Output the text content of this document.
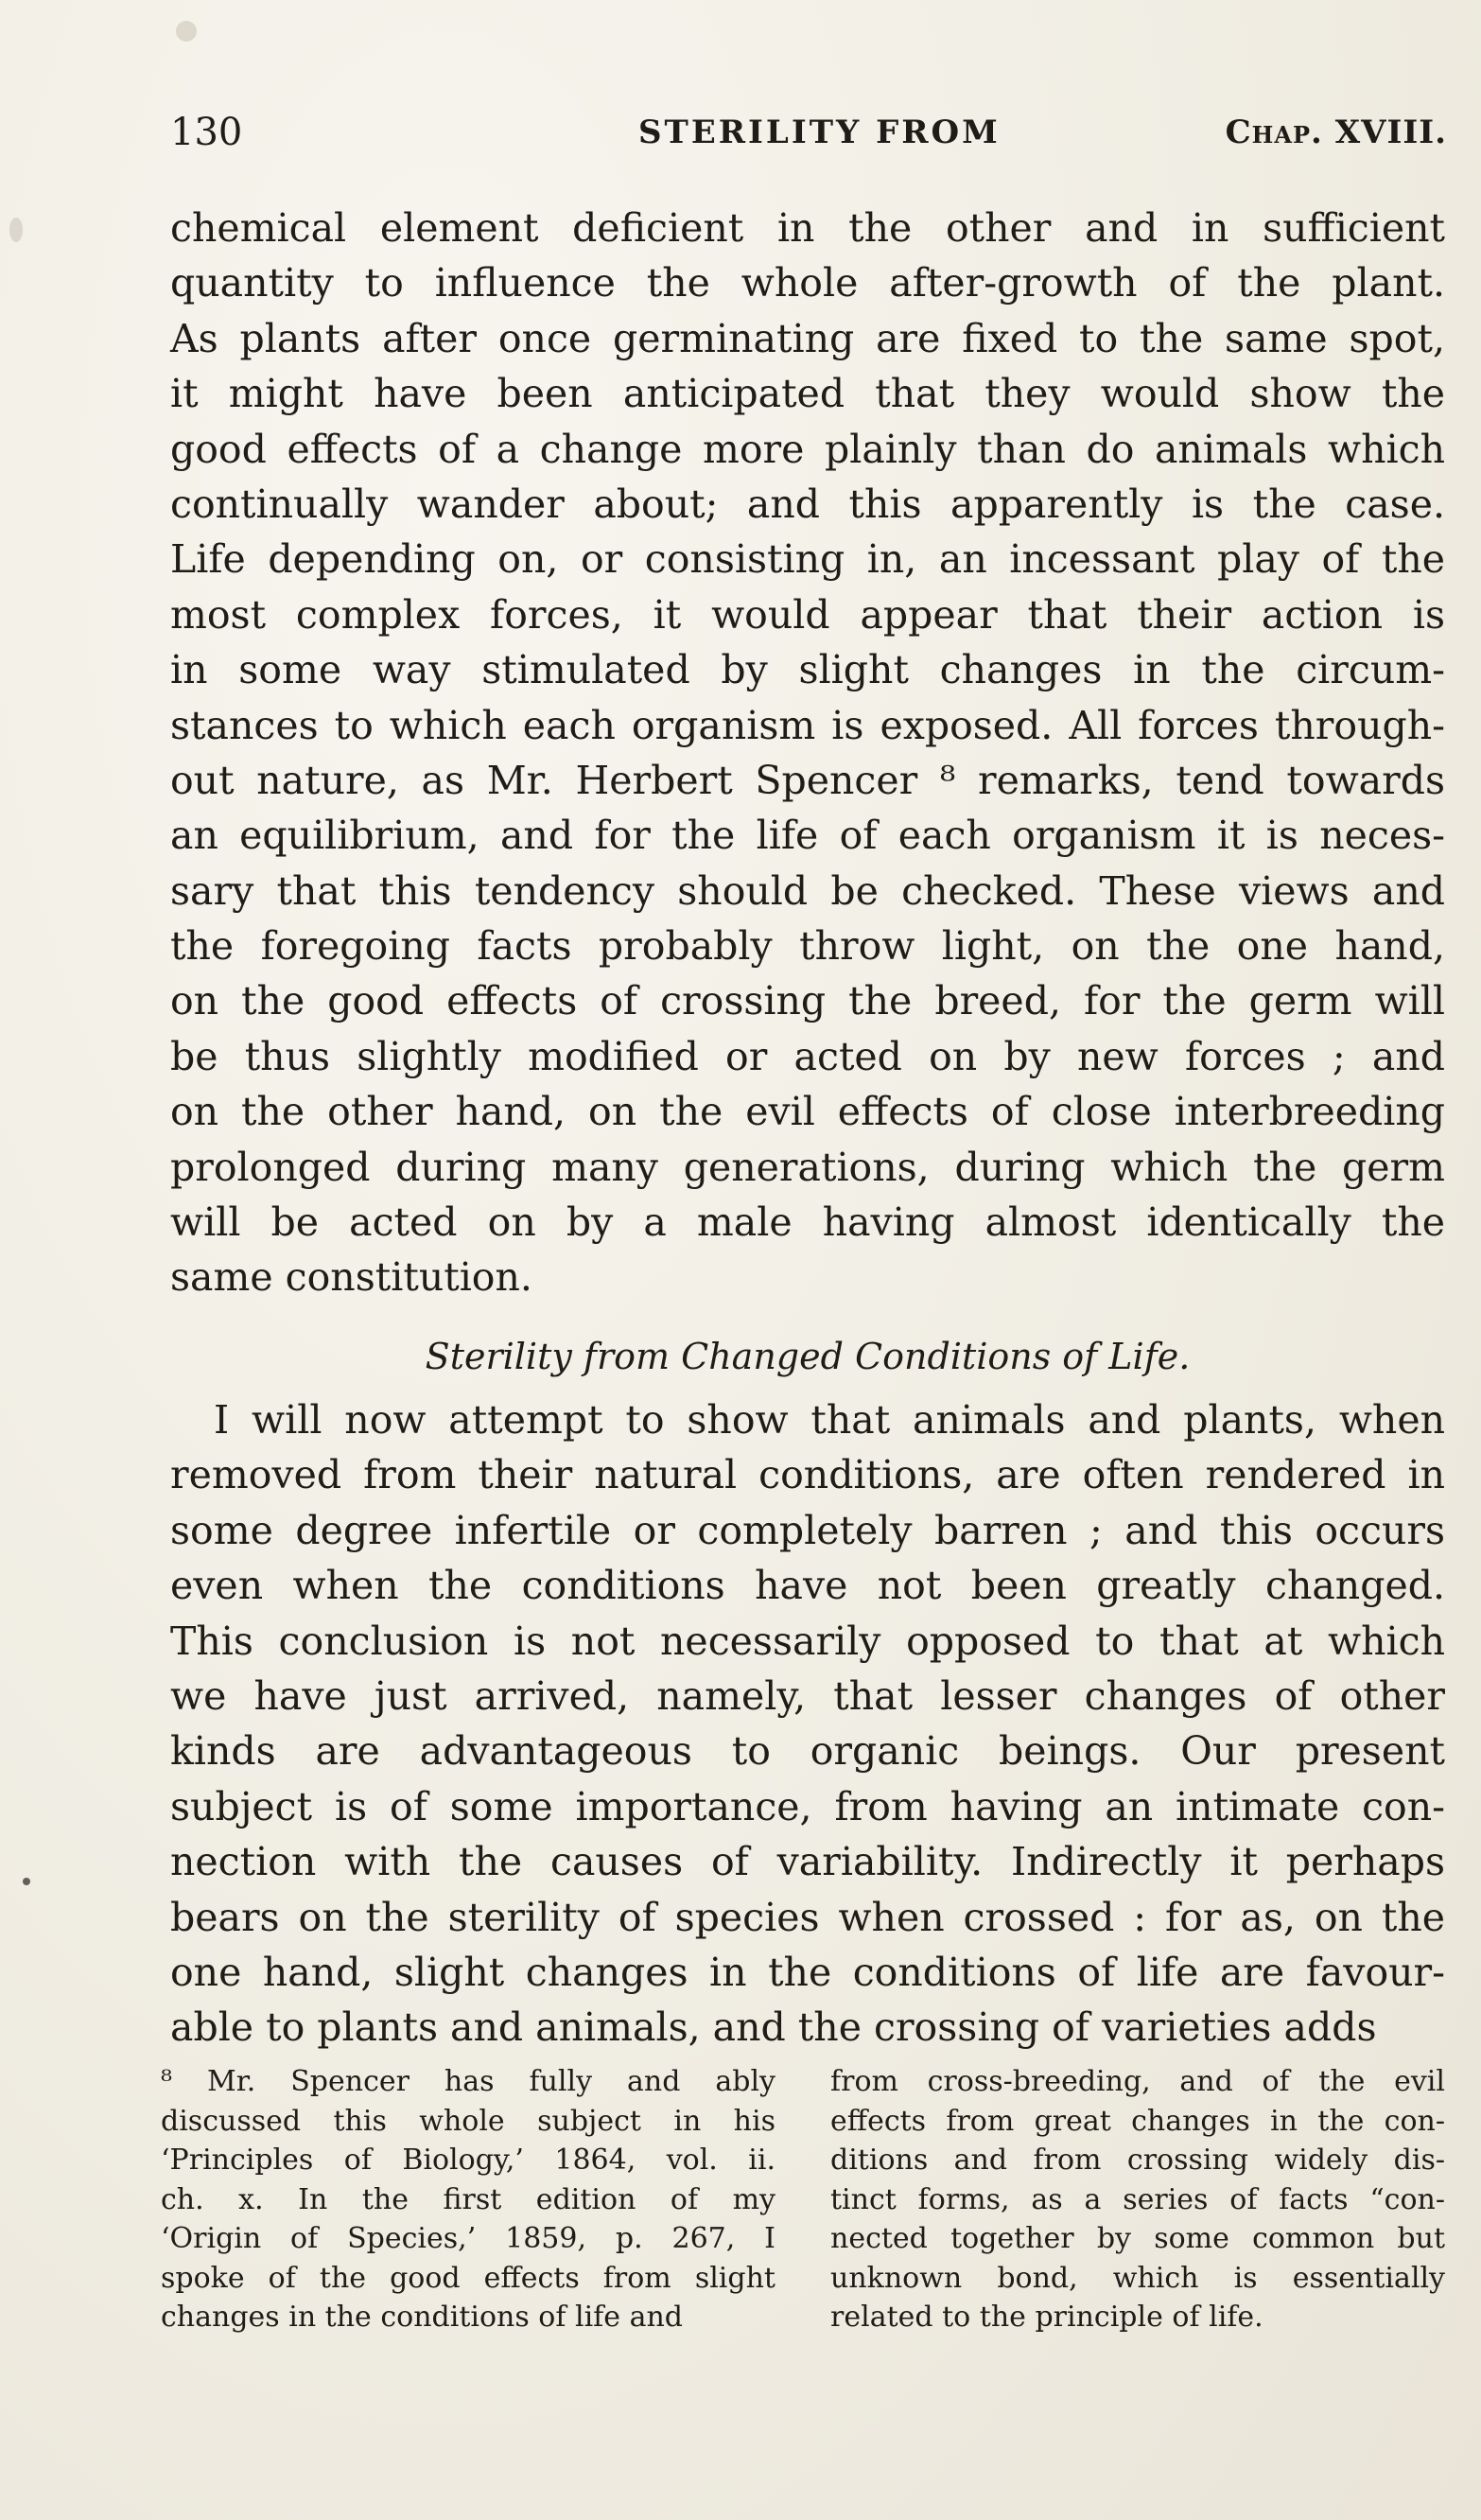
130	STERILITY FROM	Chap. XVIII.
chemical element deficient in the other and in sufficient
quantity to influence the whole after-growth of the plant.
As plants after once germinating are fixed to the same spot,
it might have been anticipated that they would show the
good effects of a change more plainly than do animals which
continually wander about; and this apparently is the case.
Life depending on, or consisting in, an incessant play of the
most complex forces, it would appear that their action is
in some way stimulated by slight changes in the circum-
stances to which each organism is exposed. All forces through-
out nature, as Mr. Herbert Spencer ⁸ remarks, tend towards
an equilibrium, and for the life of each organism it is neces-
sary that this tendency should be checked. These views and
the foregoing facts probably throw light, on the one hand,
on the good effects of crossing the breed, for the germ will
be thus slightly modified or acted on by new forces ; and
on the other hand, on the evil effects of close interbreeding
prolonged during many generations, during which the germ
will be acted on by a male having almost identically the
same constitution.
Sterility from Changed Conditions of Life.
I will now attempt to show that animals and plants, when
removed from their natural conditions, are often rendered in
some degree infertile or completely barren ; and this occurs
even when the conditions have not been greatly changed.
This conclusion is not necessarily opposed to that at which
we have just arrived, namely, that lesser changes of other
kinds are advantageous to organic beings. Our present
subject is of some importance, from having an intimate con-
nection with the causes of variability. Indirectly it perhaps
bears on the sterility of species when crossed : for as, on the
one hand, slight changes in the conditions of life are favour-
able to plants and animals, and the crossing of varieties adds
⁸ Mr. Spencer has fully and ably
discussed this whole subject in his
‘Principles of Biology,’ 1864, vol. ii.
ch. x. In the first edition of my
‘Origin of Species,’ 1859, p. 267, I
spoke of the good effects from slight
changes in the conditions of life and
from cross-breeding, and of the evil
effects from great changes in the con-
ditions and from crossing widely dis-
tinct forms, as a series of facts “con-
nected together by some common but
unknown bond, which is essentially
related to the principle of life.
